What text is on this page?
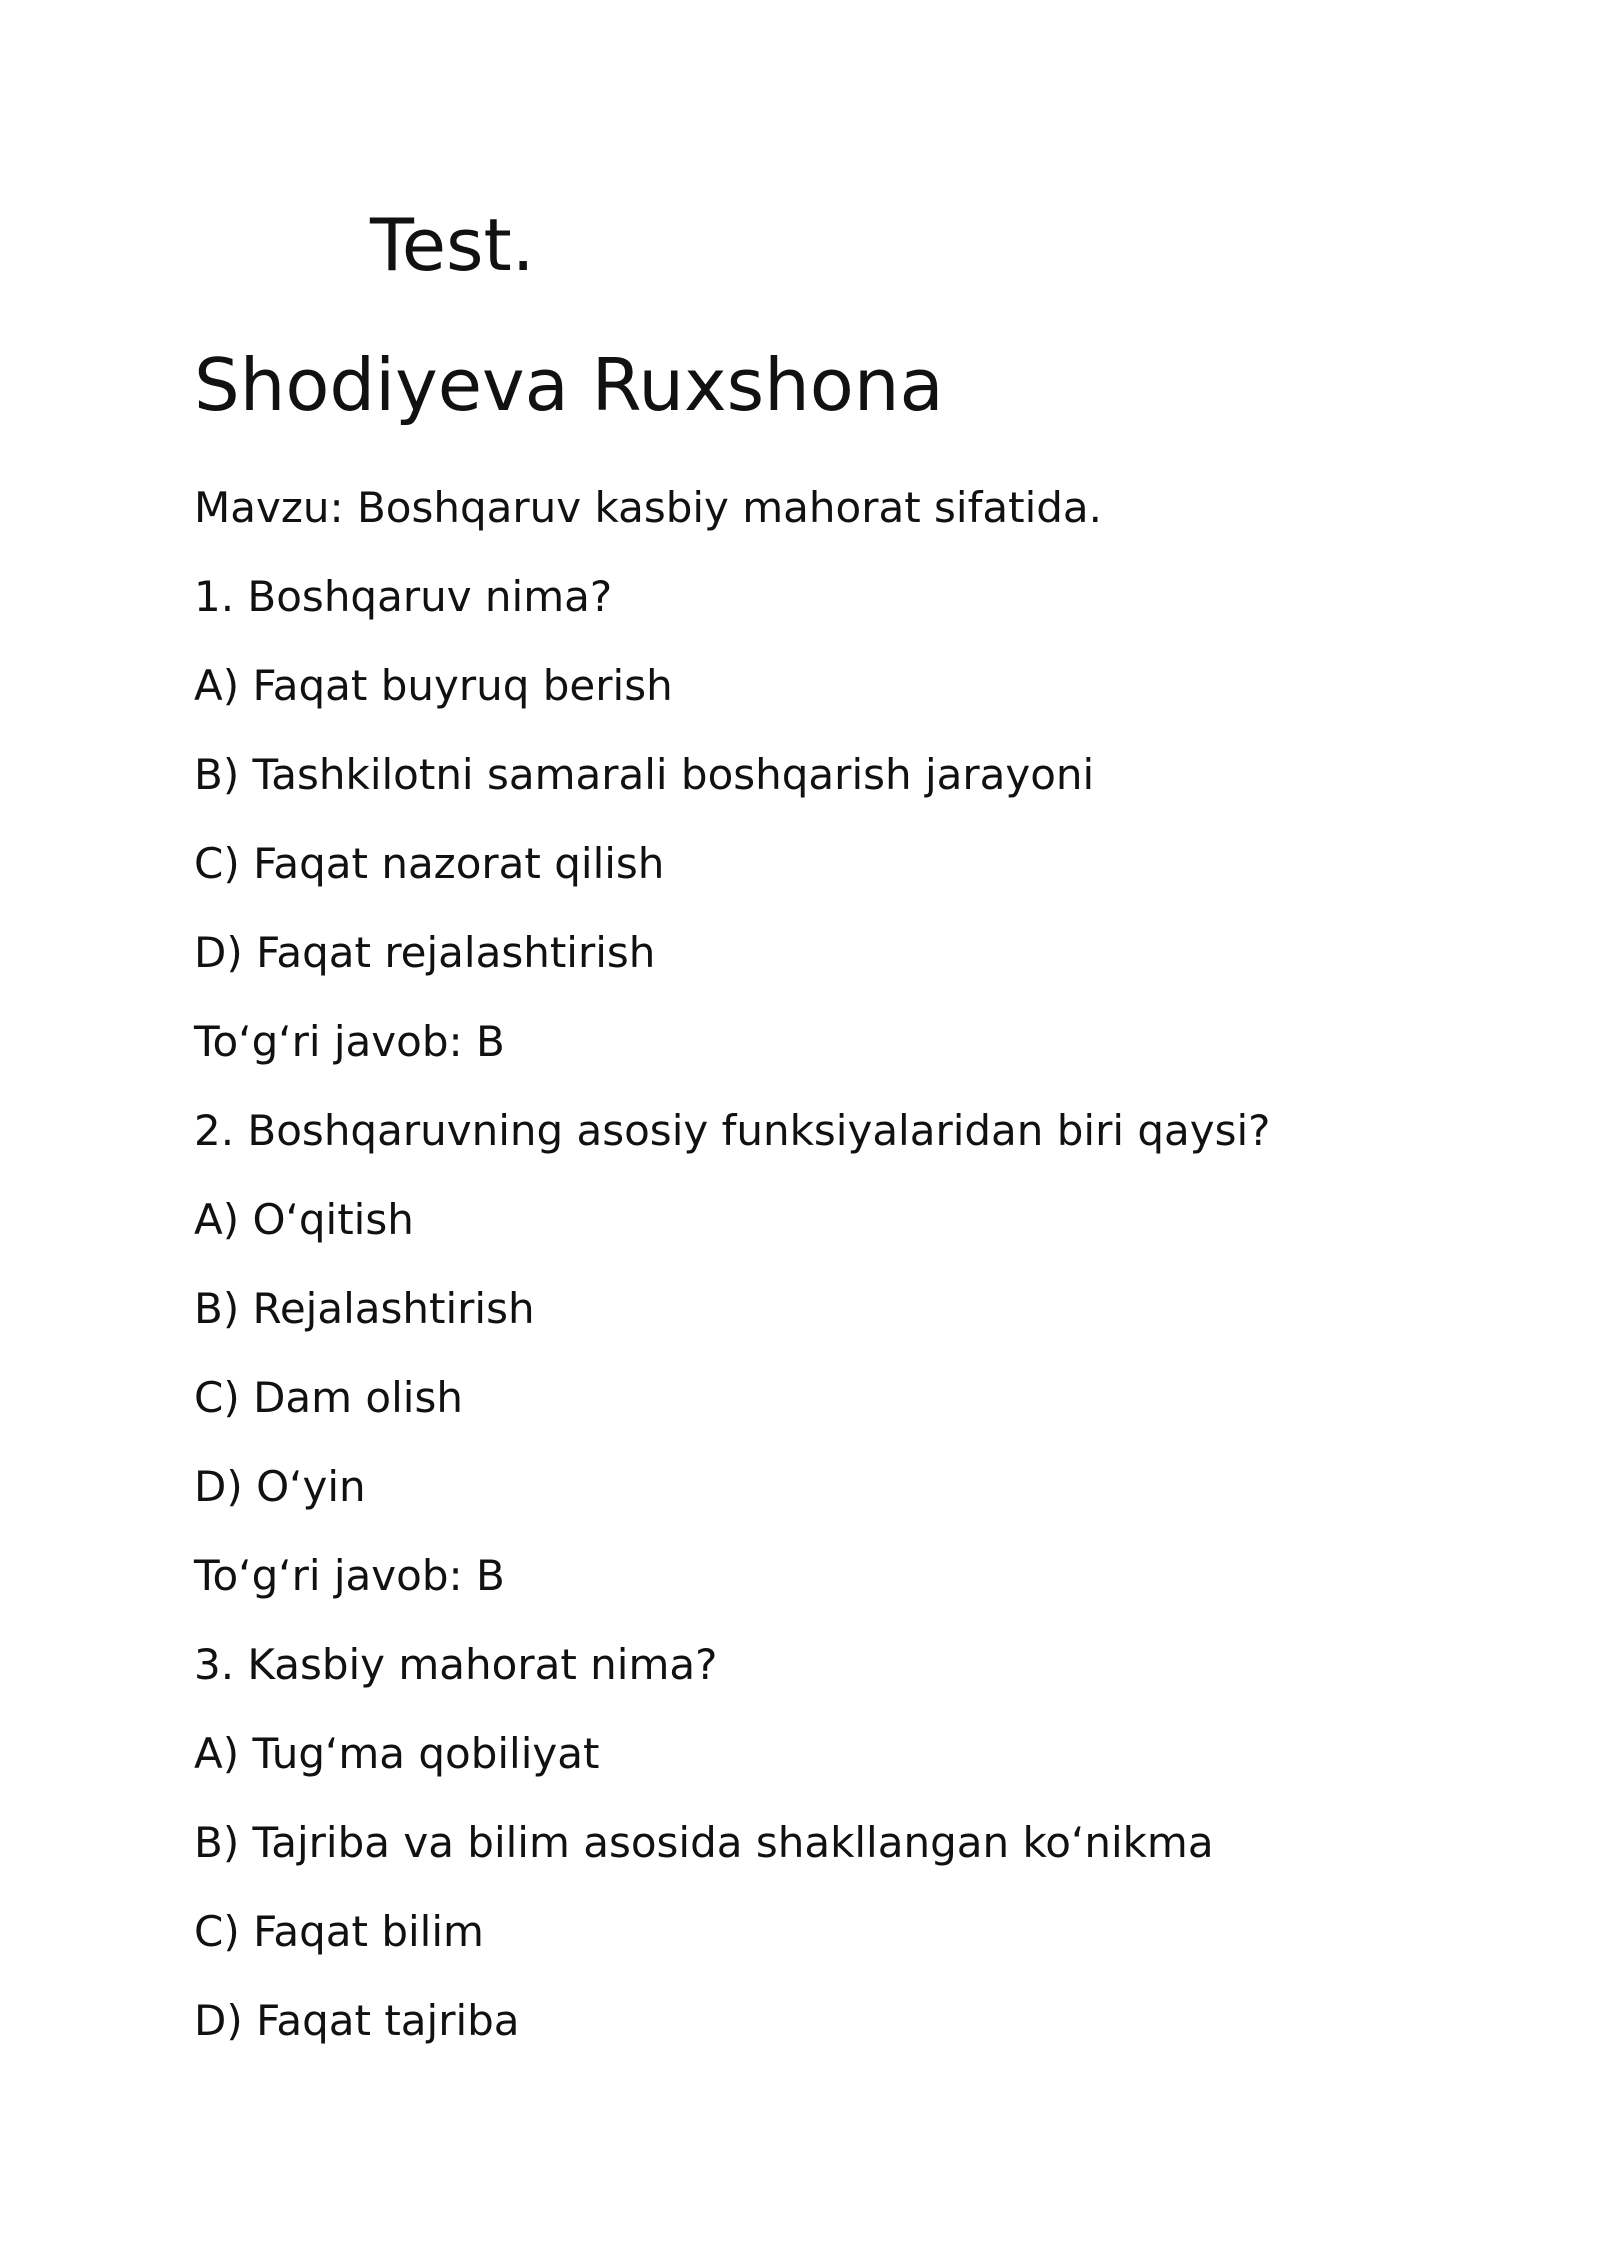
Test.
Shodiyeva Ruxshona
Mavzu: Boshqaruv kasbiy mahorat sifatida.
1. Boshqaruv nima?
A) Faqat buyruq berish
B) Tashkilotni samarali boshqarish jarayoni
C) Faqat nazorat qilish
D) Faqat rejalashtirish
To‘g‘ri javob: B
2. Boshqaruvning asosiy funksiyalaridan biri qaysi?
A) O‘qitish
B) Rejalashtirish
C) Dam olish
D) O‘yin
To‘g‘ri javob: B
3. Kasbiy mahorat nima?
A) Tug‘ma qobiliyat
B) Tajriba va bilim asosida shakllangan ko‘nikma
C) Faqat bilim
D) Faqat tajriba
